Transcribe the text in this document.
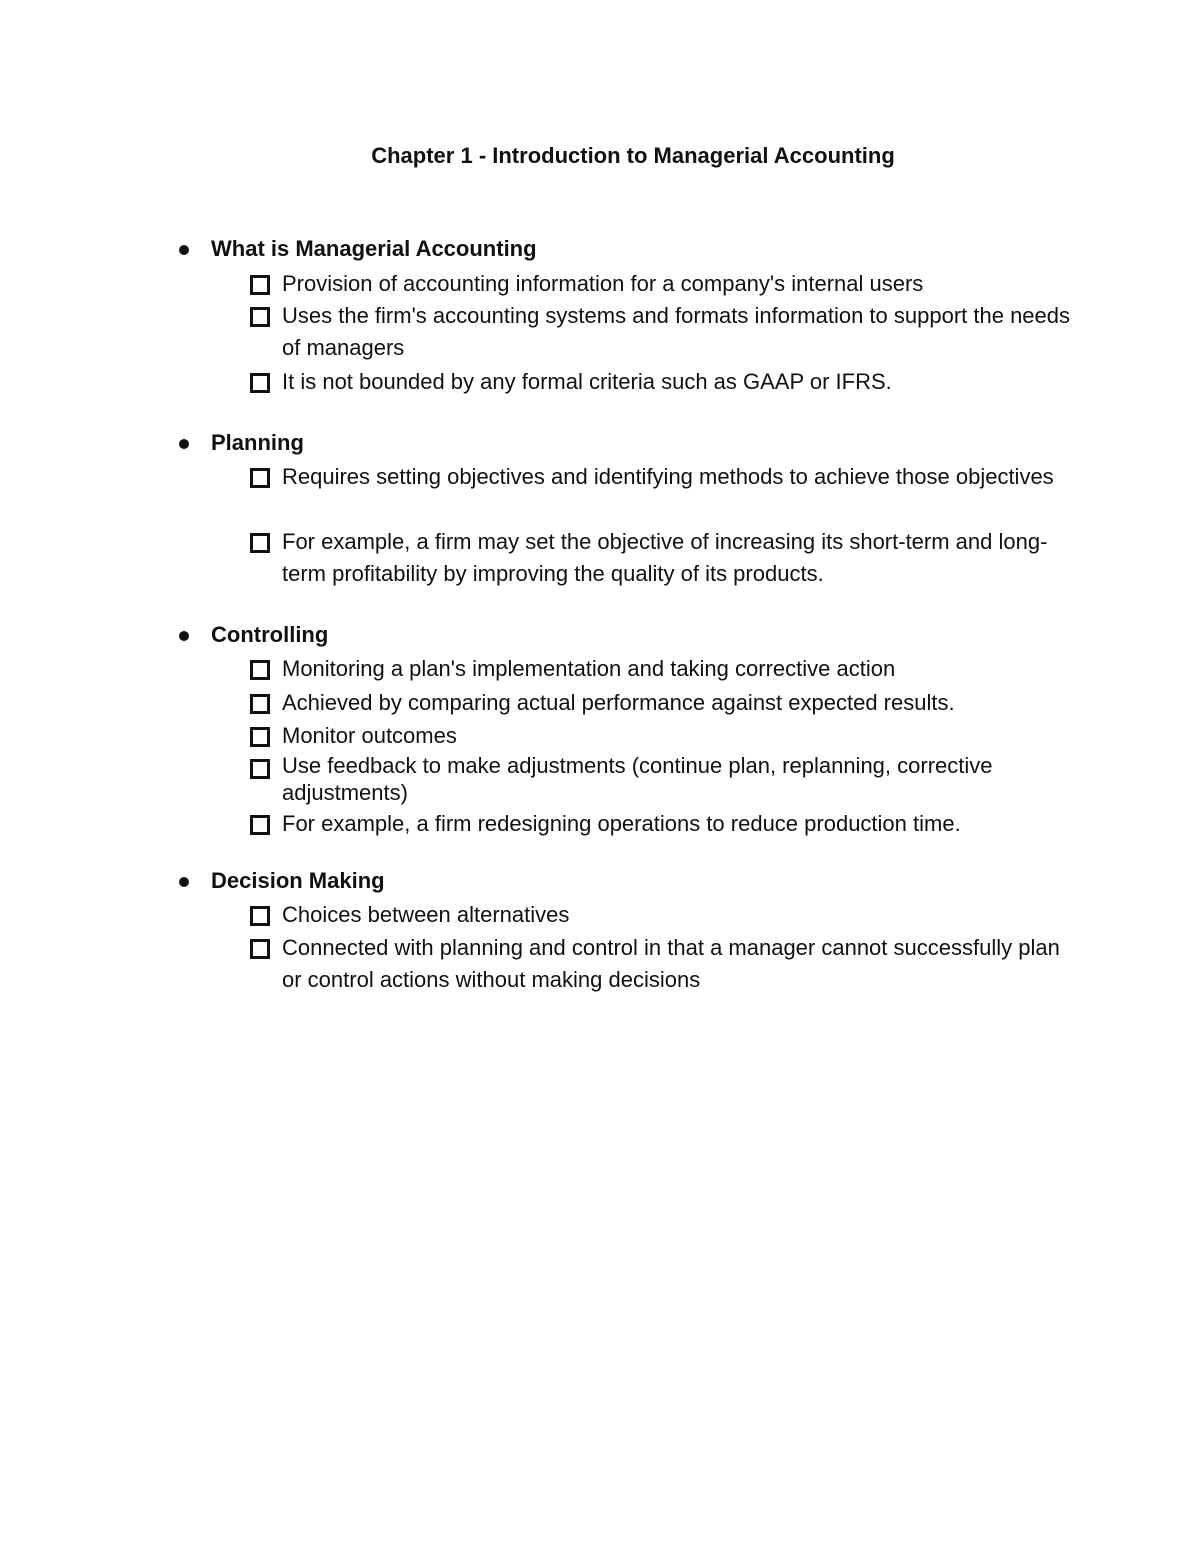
Chapter 1 - Introduction to Managerial Accounting
What is Managerial Accounting
Provision of accounting information for a company's internal users
Uses the firm's accounting systems and formats information to support the needs of managers
It is not bounded by any formal criteria such as GAAP or IFRS.
Planning
Requires setting objectives and identifying methods to achieve those objectives
For example, a firm may set the objective of increasing its short-term and long-term profitability by improving the quality of its products.
Controlling
Monitoring a plan's implementation and taking corrective action
Achieved by comparing actual performance against expected results.
Monitor outcomes
Use feedback to make adjustments (continue plan, replanning, corrective adjustments)
For example, a firm redesigning operations to reduce production time.
Decision Making
Choices between alternatives
Connected with planning and control in that a manager cannot successfully plan or control actions without making decisions
